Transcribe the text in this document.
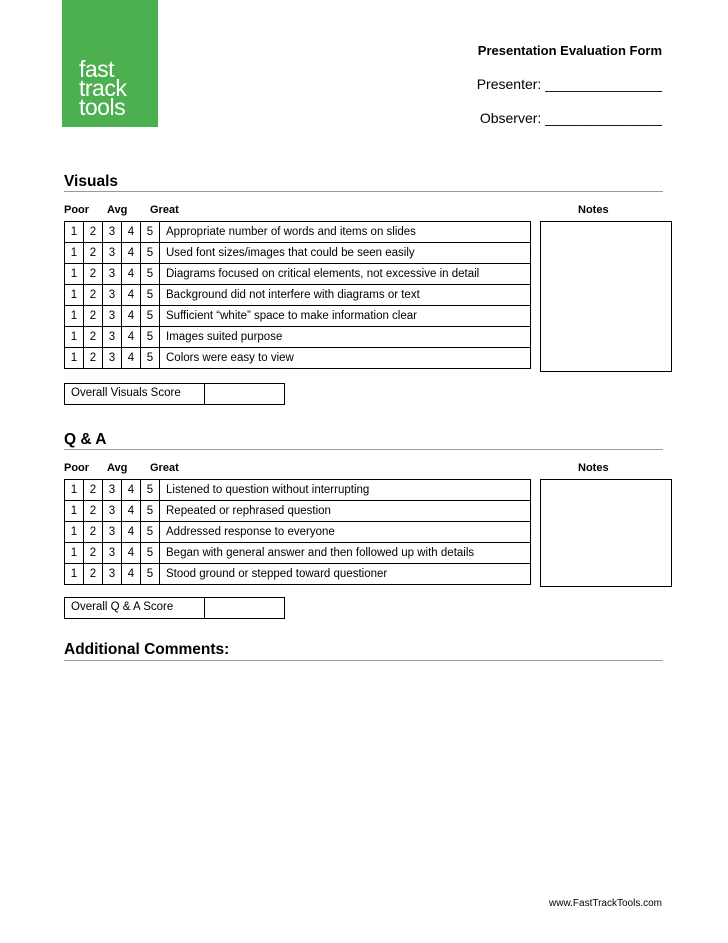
fast
track
tools
Presentation Evaluation Form
Presenter: _______________
Observer: _______________
Visuals
Poor Avg Great	Notes
1	2	3	4	5	Appropriate number of words and items on slides
1	2	3	4	5	Used font sizes/images that could be seen easily
1	2	3	4	5	Diagrams focused on critical elements, not excessive in detail
1	2	3	4	5	Background did not interfere with diagrams or text
1	2	3	4	5	Sufficient “white” space to make information clear
1	2	3	4	5	Images suited purpose
1	2	3	4	5	Colors were easy to view
Overall Visuals Score
Q & A
Poor Avg Great	Notes
1	2	3	4	5	Listened to question without interrupting
1	2	3	4	5	Repeated or rephrased question
1	2	3	4	5	Addressed response to everyone
1	2	3	4	5	Began with general answer and then followed up with details
1	2	3	4	5	Stood ground or stepped toward questioner
Overall Q & A Score
Additional Comments:
www.FastTrackTools.com
